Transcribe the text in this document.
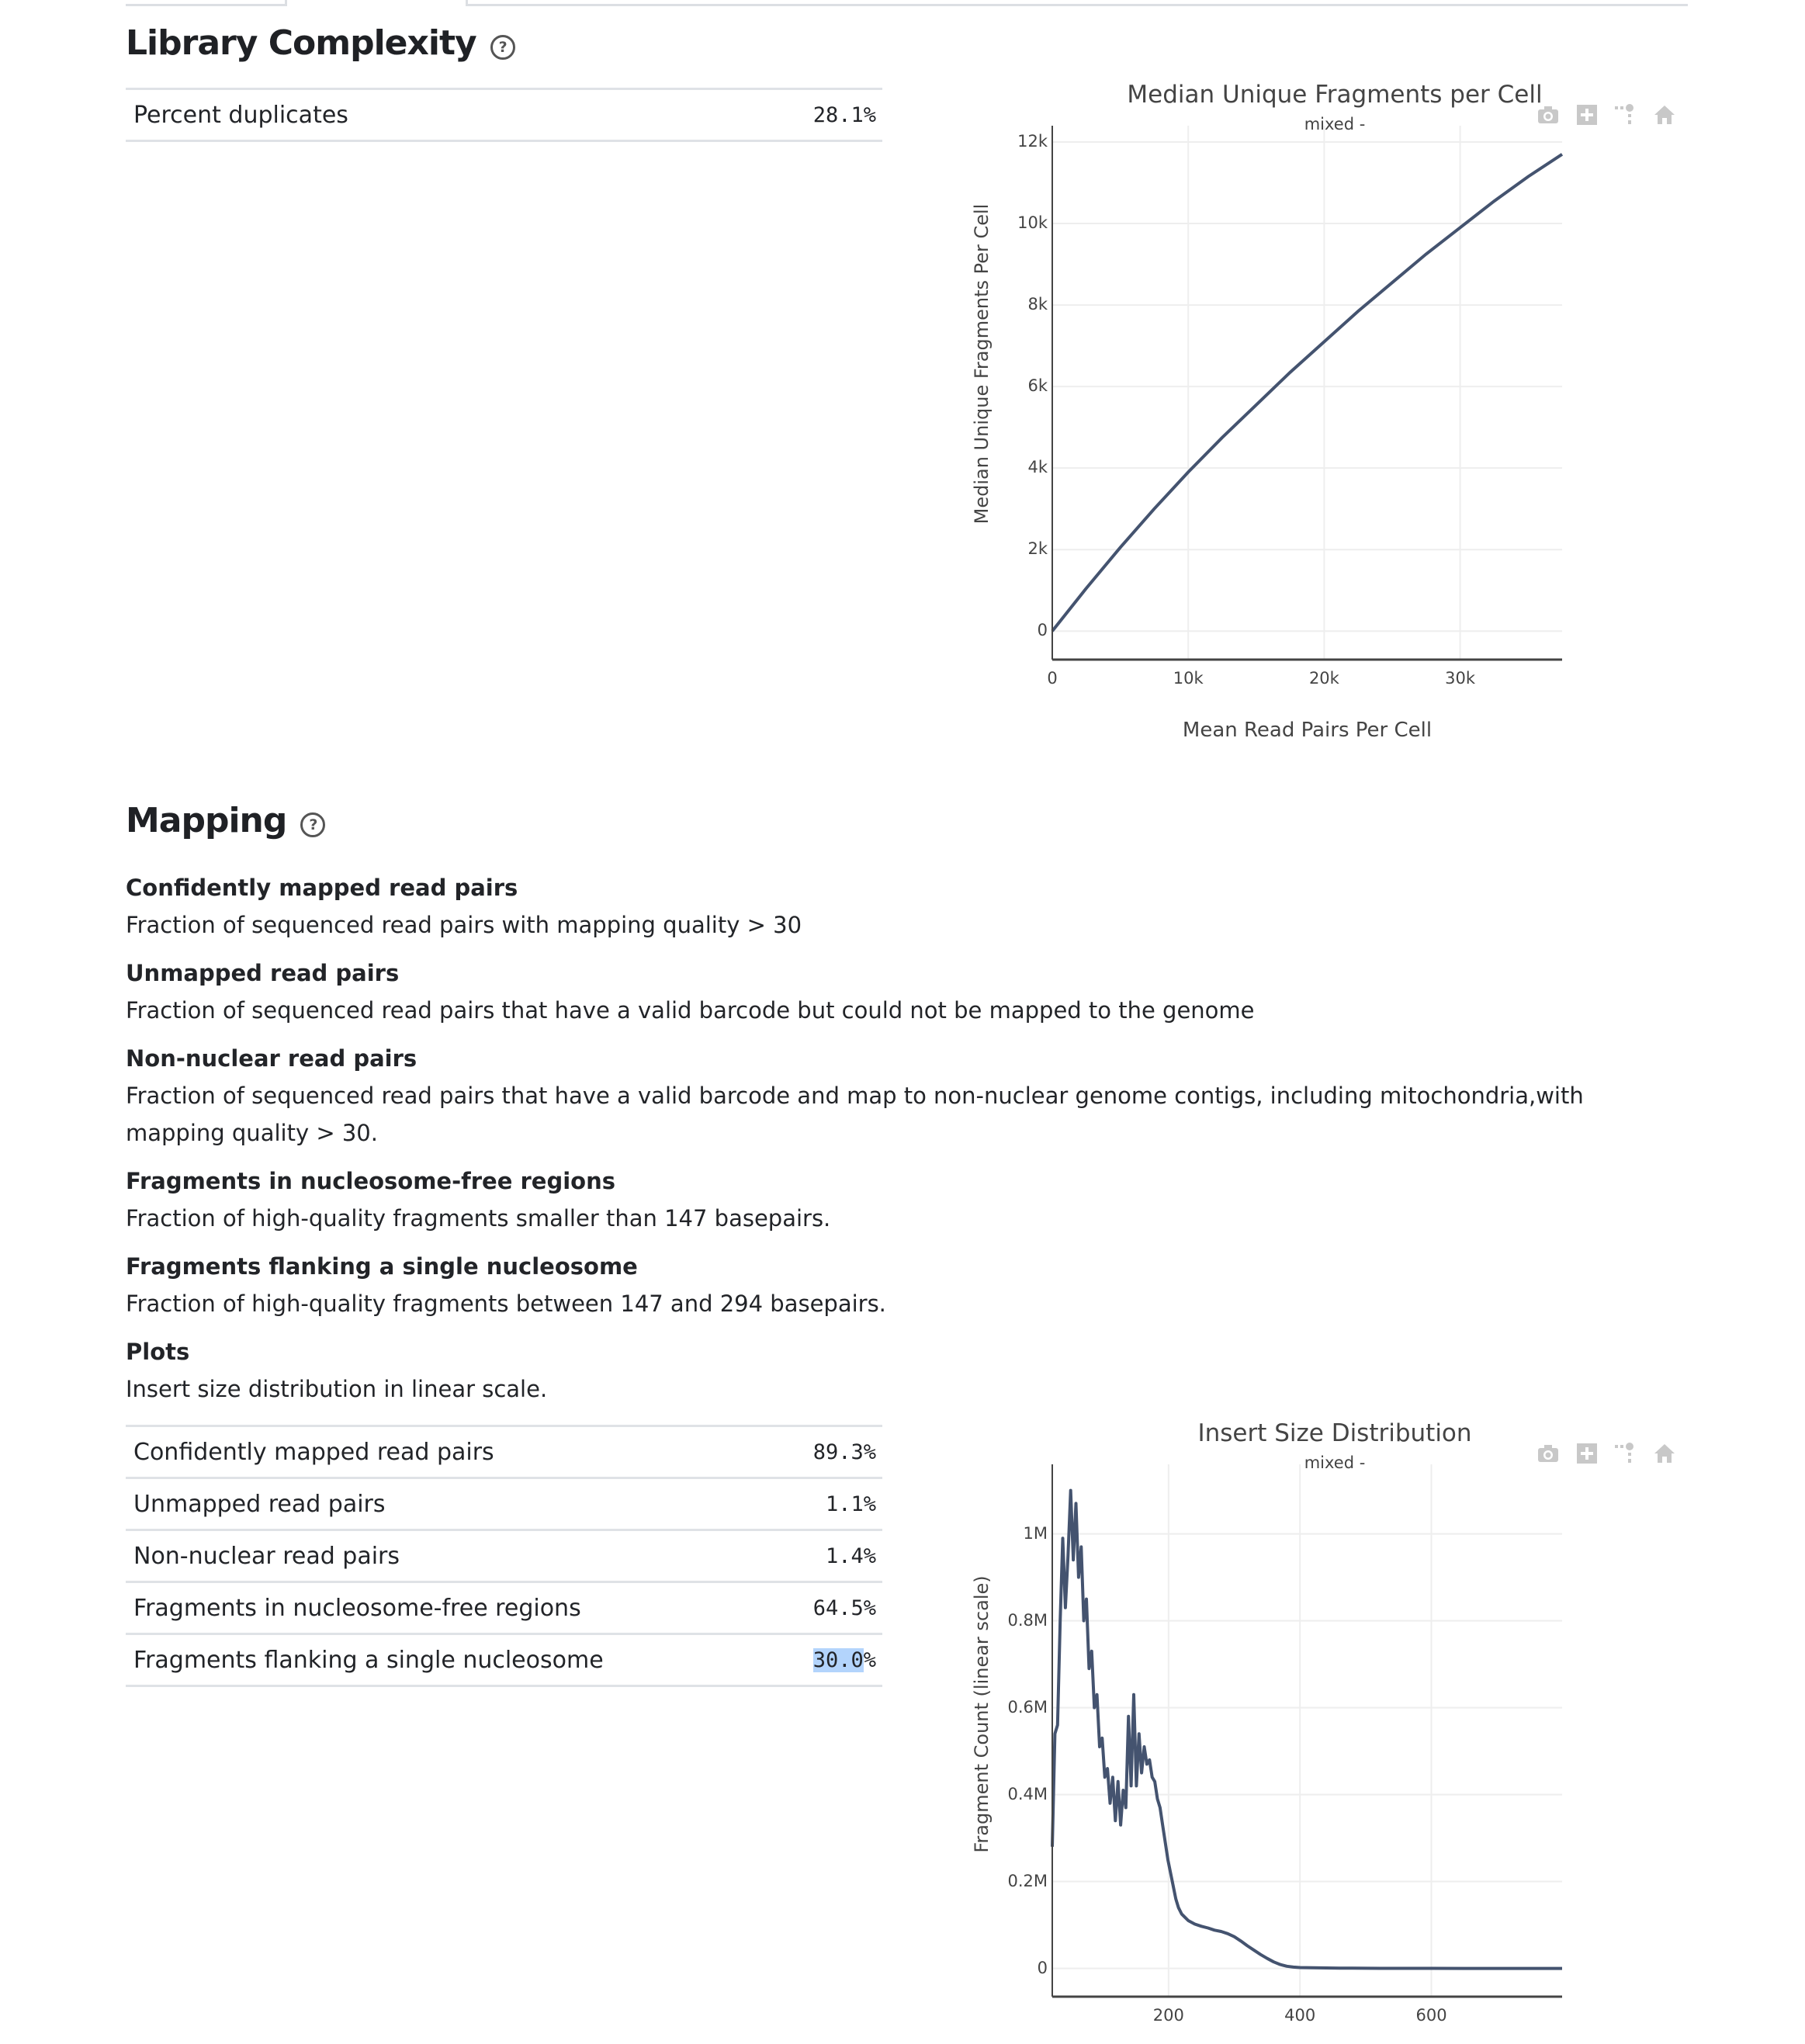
Library Complexity	?
Percent duplicates	28.1%
Median Unique Fragments per Cell
mixed -
0
2k
4k
6k
8k
10k
12k
0	10k	20k	30k
Median Unique Fragments Per Cell
Mean Read Pairs Per Cell
Mapping	?
Confidently mapped read pairs
Fraction of sequenced read pairs with mapping quality > 30
Unmapped read pairs
Fraction of sequenced read pairs that have a valid barcode but could not be mapped to the genome
Non-nuclear read pairs
Fraction of sequenced read pairs that have a valid barcode and map to non-nuclear genome contigs, including mitochondria,with mapping quality > 30.
Fragments in nucleosome-free regions
Fraction of high-quality fragments smaller than 147 basepairs.
Fragments flanking a single nucleosome
Fraction of high-quality fragments between 147 and 294 basepairs.
Plots
Insert size distribution in linear scale.
Confidently mapped read pairs	89.3%
Unmapped read pairs	1.1%
Non-nuclear read pairs	1.4%
Fragments in nucleosome-free regions	64.5%
Fragments flanking a single nucleosome	30.0%
Insert Size Distribution
mixed -
0
0.2M
0.4M
0.6M
0.8M
1M
200	400	600
Fragment Count (linear scale)
